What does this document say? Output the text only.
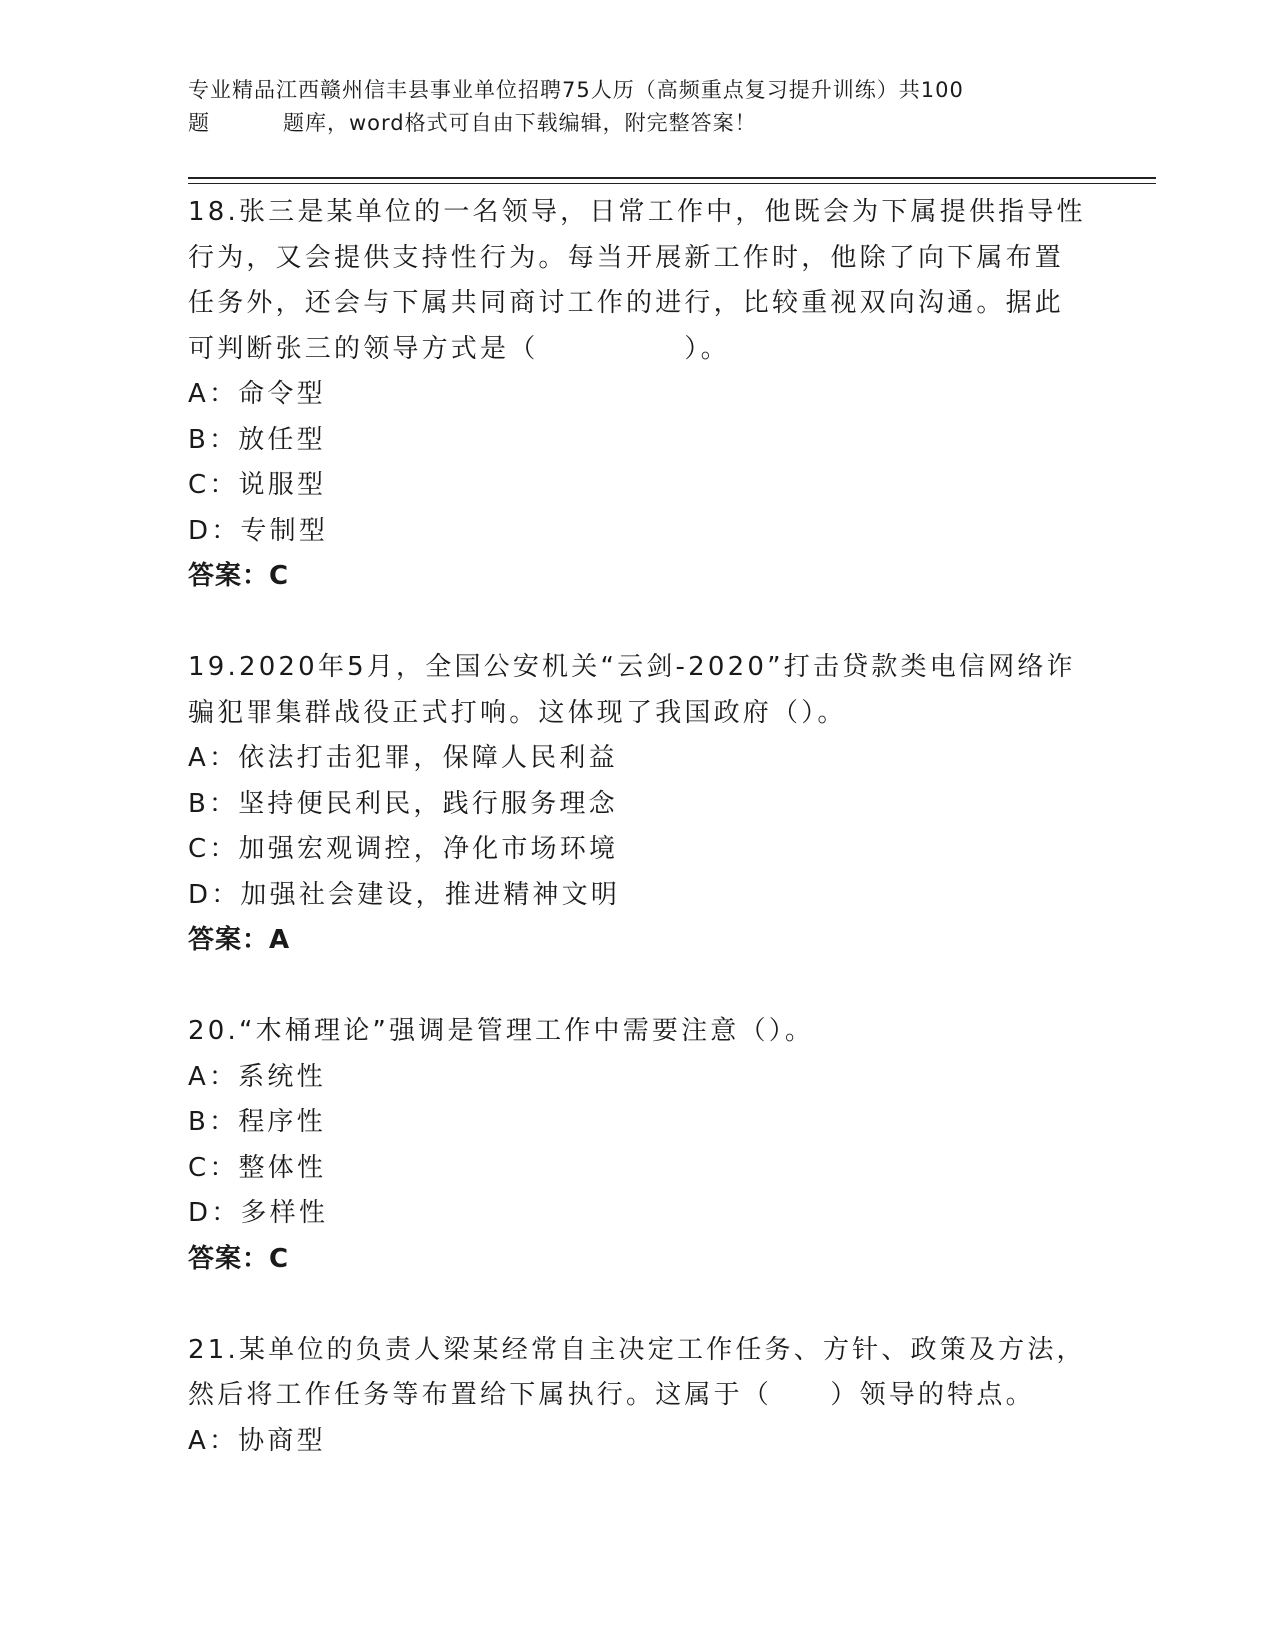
专业精品江西赣州信丰县事业单位招聘75人历（高频重点复习提升训练）共100
题	题库，word格式可自由下载编辑，附完整答案！
18.张三是某单位的一名领导，日常工作中，他既会为下属提供指导性
行为，又会提供支持性行为。每当开展新工作时，他除了向下属布置
任务外，还会与下属共同商讨工作的进行，比较重视双向沟通。据此
可判断张三的领导方式是（　　　　　）。
A：命令型
B：放任型
C：说服型
D：专制型
答案：C
19.2020年5月，全国公安机关“云剑-2020”打击贷款类电信网络诈
骗犯罪集群战役正式打响。这体现了我国政府（）。
A：依法打击犯罪，保障人民利益
B：坚持便民利民，践行服务理念
C：加强宏观调控，净化市场环境
D：加强社会建设，推进精神文明
答案：A
20.“木桶理论”强调是管理工作中需要注意（）。
A：系统性
B：程序性
C：整体性
D：多样性
答案：C
21.某单位的负责人梁某经常自主决定工作任务、方针、政策及方法，
然后将工作任务等布置给下属执行。这属于（　　）领导的特点。
A：协商型
